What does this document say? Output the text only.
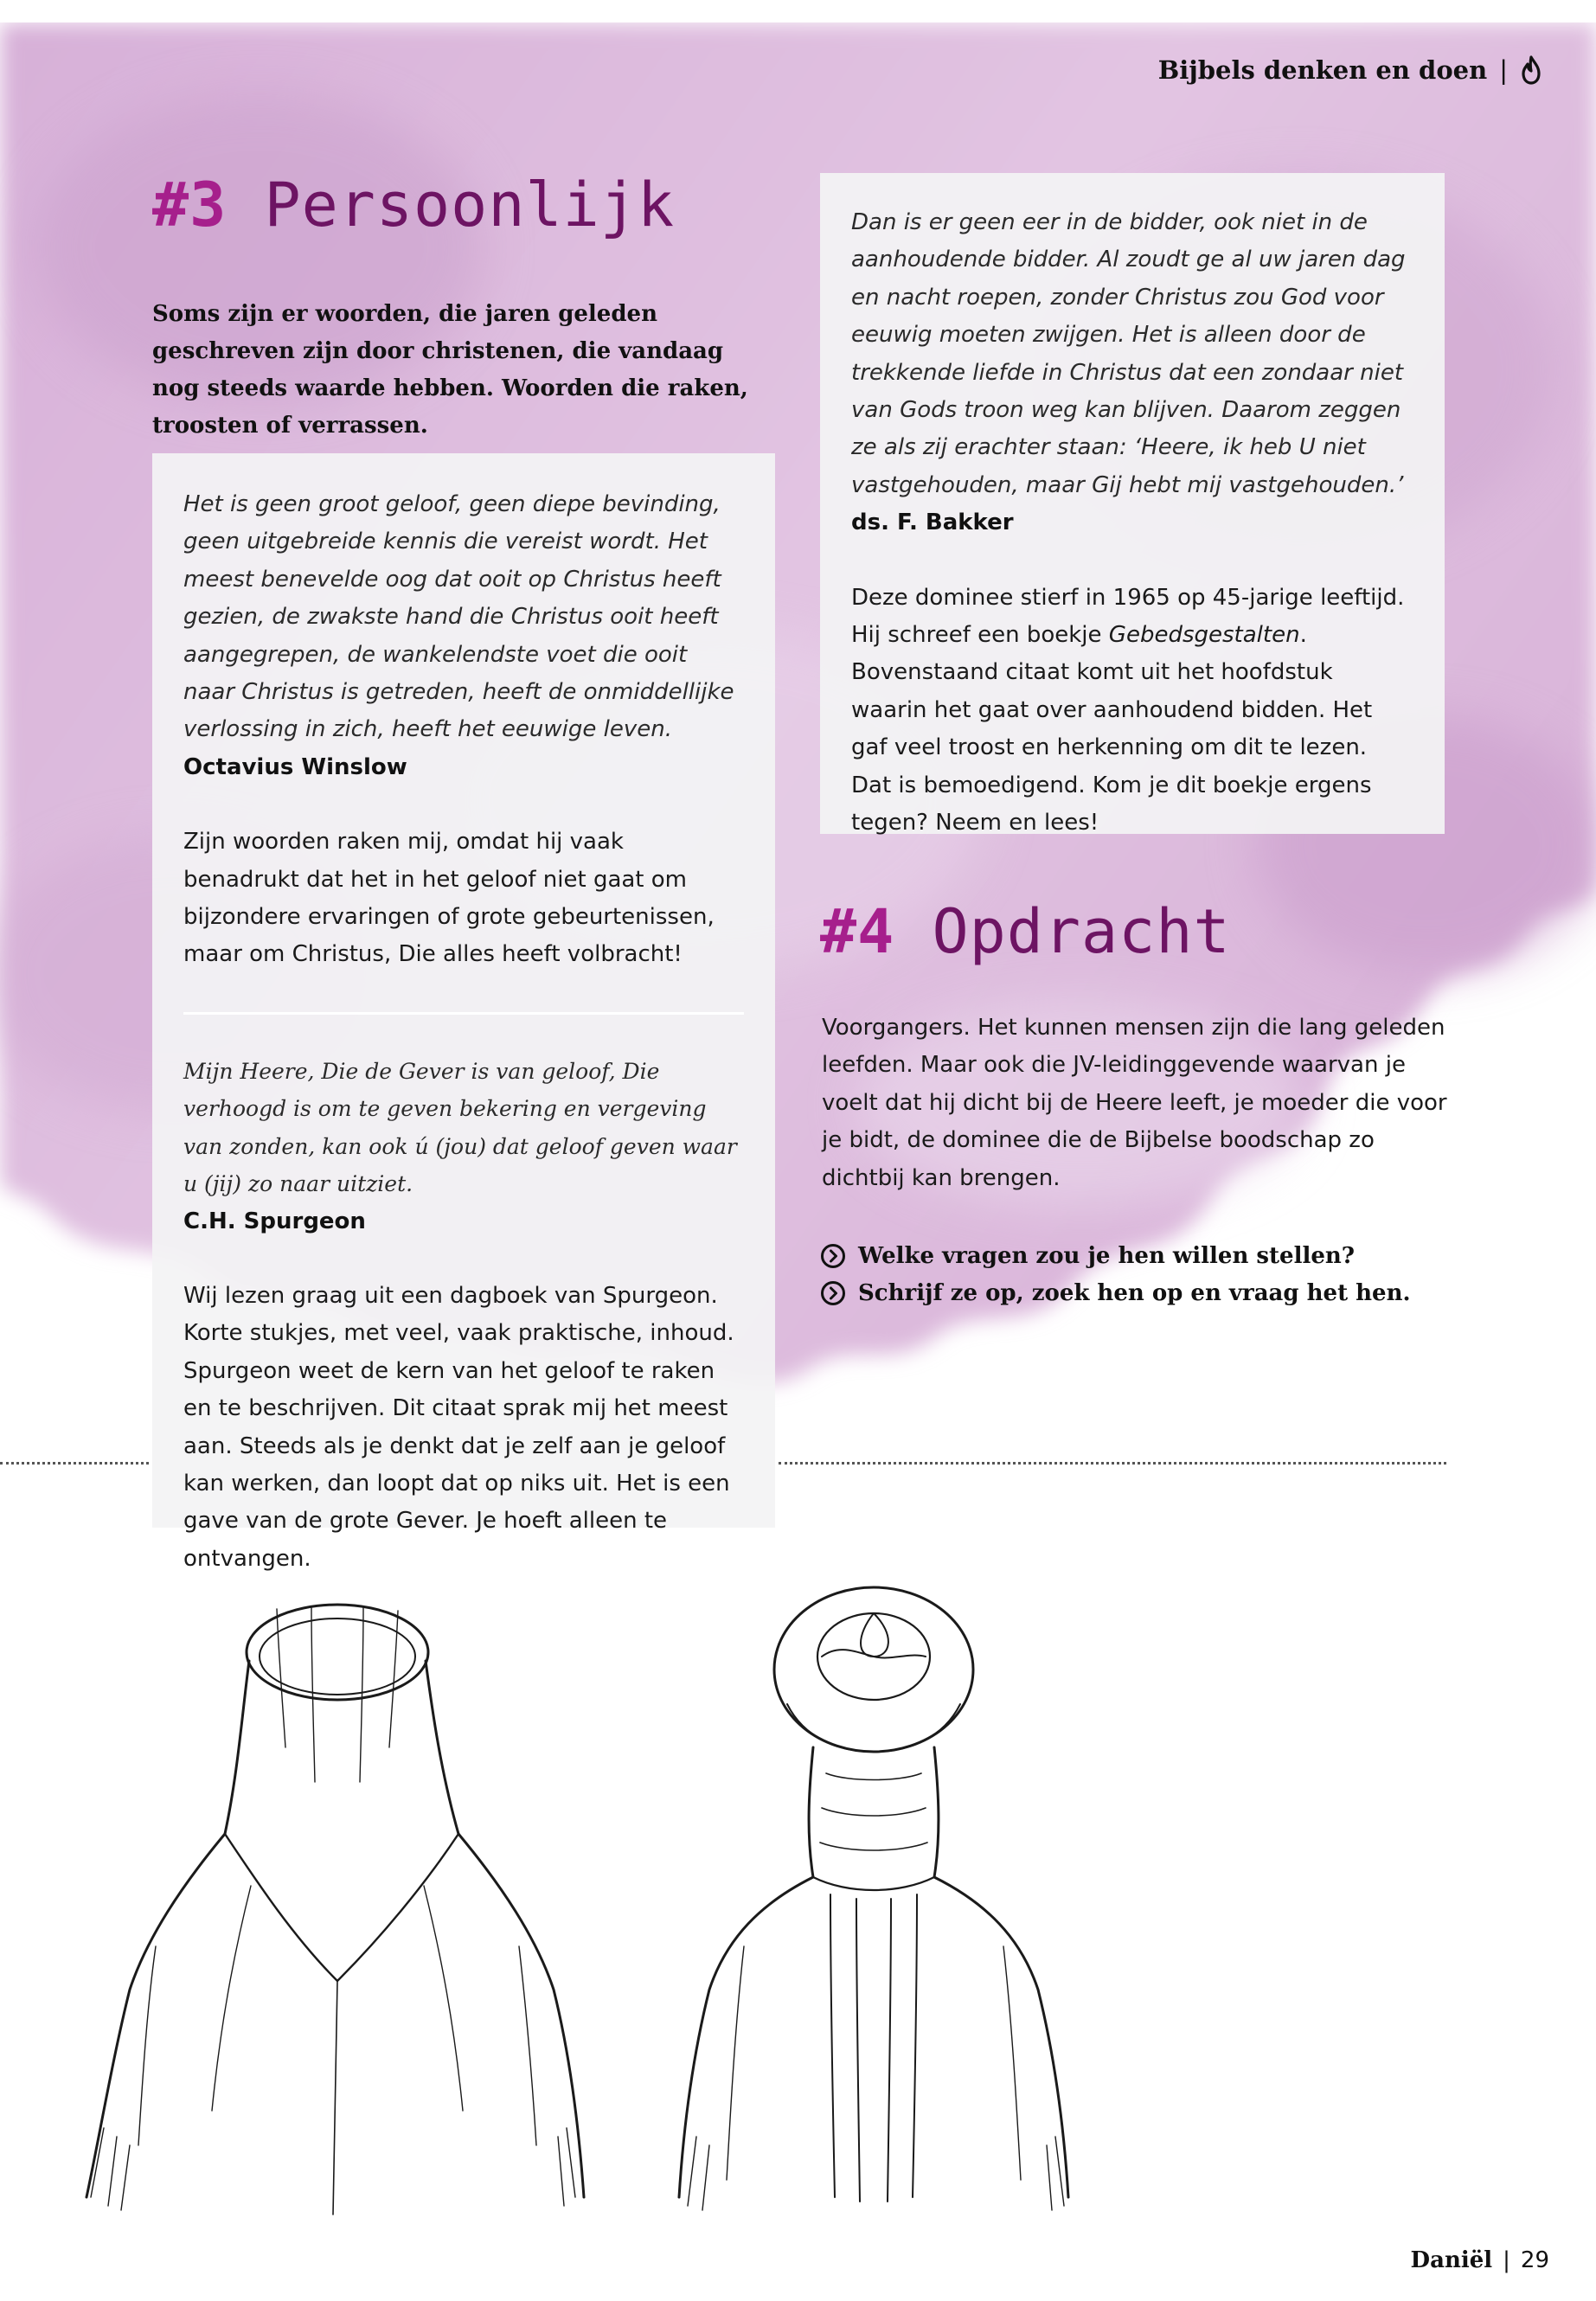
Bijbels denken en doen |
#3 Persoonlijk
Soms zijn er woorden, die jaren geleden geschreven zijn door christenen, die vandaag nog steeds waarde hebben. Woorden die raken, troosten of verrassen.
Het is geen groot geloof, geen diepe bevinding, geen uitgebreide kennis die vereist wordt. Het meest benevelde oog dat ooit op Christus heeft gezien, de zwakste hand die Christus ooit heeft aangegrepen, de wankelendste voet die ooit naar Christus is getreden, heeft de onmiddellijke verlossing in zich, heeft het eeuwige leven.
Octavius Winslow
Zijn woorden raken mij, omdat hij vaak benadrukt dat het in het geloof niet gaat om bijzondere ervaringen of grote gebeurtenissen, maar om Christus, Die alles heeft volbracht!
Mijn Heere, Die de Gever is van geloof, Die verhoogd is om te geven bekering en vergeving van zonden, kan ook ú (jou) dat geloof geven waar u (jij) zo naar uitziet.
C.H. Spurgeon
Wij lezen graag uit een dagboek van Spurgeon. Korte stukjes, met veel, vaak praktische, inhoud. Spurgeon weet de kern van het geloof te raken en te beschrijven. Dit citaat sprak mij het meest aan. Steeds als je denkt dat je zelf aan je geloof kan werken, dan loopt dat op niks uit. Het is een gave van de grote Gever. Je hoeft alleen te ontvangen.
Dan is er geen eer in de bidder, ook niet in de aanhoudende bidder. Al zoudt ge al uw jaren dag en nacht roepen, zonder Christus zou God voor eeuwig moeten zwijgen. Het is alleen door de trekkende liefde in Christus dat een zondaar niet van Gods troon weg kan blijven. Daarom zeggen ze als zij erachter staan: ‘Heere, ik heb U niet vastgehouden, maar Gij hebt mij vastgehouden.’
ds. F. Bakker
Deze dominee stierf in 1965 op 45-jarige leeftijd. Hij schreef een boekje Gebedsgestalten. Bovenstaand citaat komt uit het hoofdstuk waarin het gaat over aanhoudend bidden. Het gaf veel troost en herkenning om dit te lezen. Dat is bemoedigend. Kom je dit boekje ergens tegen? Neem en lees!
#4 Opdracht
Voorgangers. Het kunnen mensen zijn die lang geleden leefden. Maar ook die JV-leidinggevende waarvan je voelt dat hij dicht bij de Heere leeft, je moeder die voor je bidt, de dominee die de Bijbelse boodschap zo dichtbij kan brengen.
Welke vragen zou je hen willen stellen?
Schrijf ze op, zoek hen op en vraag het hen.
Daniël | 29
